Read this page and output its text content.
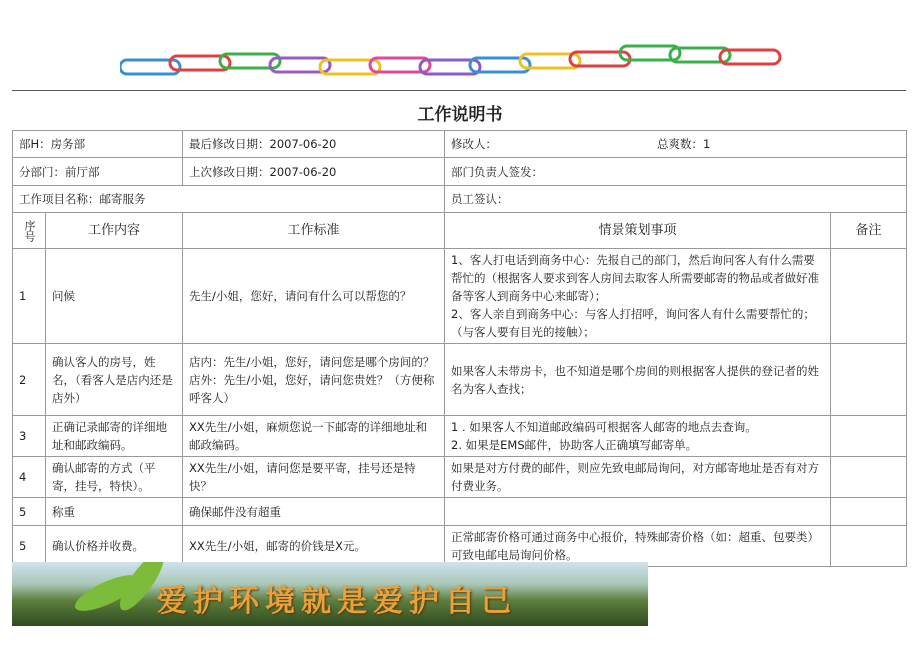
工作说明书
部H：房务部		最后修改日期：2007-06-20	修改人： 总爽数：1	
分部门：前厅部		上次修改日期：2007-06-20	部门负责人签发：	
工作项目名称：邮寄服务			员工签认：	
序号	工作内容	工作标准	情景策划事项	备注
1	问候	先生/小姐，您好，请问有什么可以帮您的？	1、客人打电话到商务中心：先报自己的部门，然后询问客人有什么需要帮忙的（根据客人要求到客人房间去取客人所需要邮寄的物品或者做好准备等客人到商务中心来邮寄）；
2、客人亲自到商务中心：与客人打招呼，询问客人有什么需要帮忙的；（与客人要有目光的接触）；	
2	确认客人的房号，姓名，（看客人是店内还是店外）	店内：先生/小姐，您好，请问您是哪个房间的？
店外：先生/小姐，您好，请问您贵姓？（方便称呼客人）	如果客人未带房卡，也不知道是哪个房间的则根据客人提供的登记者的姓名为客人查找；	
3	正确记录邮寄的详细地址和邮政编码。	XX先生/小姐，麻烦您说一下邮寄的详细地址和邮政编码。	1 . 如果客人不知道邮政编码可根据客人邮寄的地点去查询。
2. 如果是EMS邮件，协助客人正确填写邮寄单。	
4	确认邮寄的方式（平寄，挂号，特快）。	XX先生/小姐，请问您是要平寄，挂号还是特快？	如果是对方付费的邮件，则应先致电邮局询问，对方邮寄地址是否有对方付费业务。	
5	称重	确保邮件没有超重		
5	确认价格并收费。	XX先生/小姐，邮寄的价钱是X元。	正常邮寄价格可通过商务中心报价，特殊邮寄价格（如：超重、包要类）可致电邮电局询问价格。	
爱护环境就是爱护自己
